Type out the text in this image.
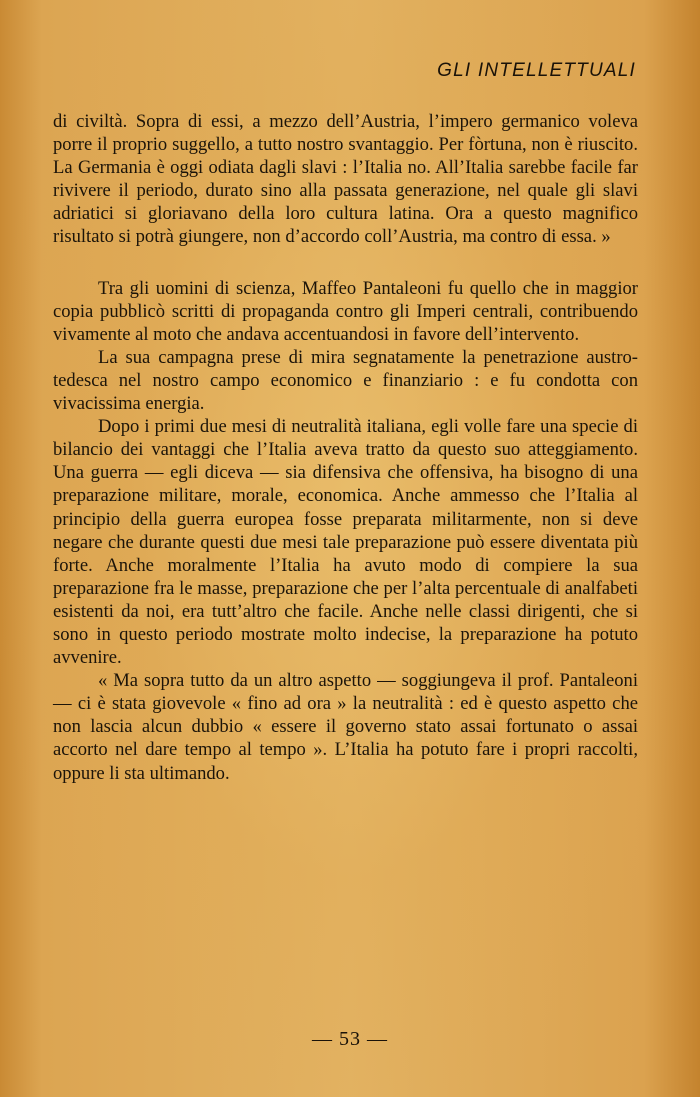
GLI INTELLETTUALI

di civiltà. Sopra di essi, a mezzo dell’Austria, l’impero germanico voleva porre il proprio suggello, a tutto nostro svantaggio. Per fòrtuna, non è riuscito. La Germania è oggi odiata dagli slavi : l’Italia no. All’Italia sarebbe facile far rivivere il periodo, durato sino alla passata generazione, nel quale gli slavi adriatici si gloriavano della loro cultura latina. Ora a questo magnifico risultato si potrà giungere, non d’accordo coll’Austria, ma contro di essa. »

Tra gli uomini di scienza, Maffeo Pantaleoni fu quello che in maggior copia pubblicò scritti di propaganda contro gli Imperi centrali, contribuendo vivamente al moto che andava accentuandosi in favore dell’intervento.

La sua campagna prese di mira segnatamente la penetrazione austro-tedesca nel nostro campo economico e finanziario : e fu condotta con vivacissima energia.

Dopo i primi due mesi di neutralità italiana, egli volle fare una specie di bilancio dei vantaggi che l’Italia aveva tratto da questo suo atteggiamento. Una guerra — egli diceva — sia difensiva che offensiva, ha bisogno di una preparazione militare, morale, economica. Anche ammesso che l’Italia al principio della guerra europea fosse preparata militarmente, non si deve negare che durante questi due mesi tale preparazione può essere diventata più forte. Anche moralmente l’Italia ha avuto modo di compiere la sua preparazione fra le masse, preparazione che per l’alta percentuale di analfabeti esistenti da noi, era tutt’altro che facile. Anche nelle classi dirigenti, che si sono in questo periodo mostrate molto indecise, la preparazione ha potuto avvenire.

« Ma sopra tutto da un altro aspetto — soggiungeva il prof. Pantaleoni — ci è stata giovevole « fino ad ora » la neutralità : ed è questo aspetto che non lascia alcun dubbio « essere il governo stato assai fortunato o assai accorto nel dare tempo al tempo ». L’Italia ha potuto fare i propri raccolti, oppure li sta ultimando.

— 53 —
